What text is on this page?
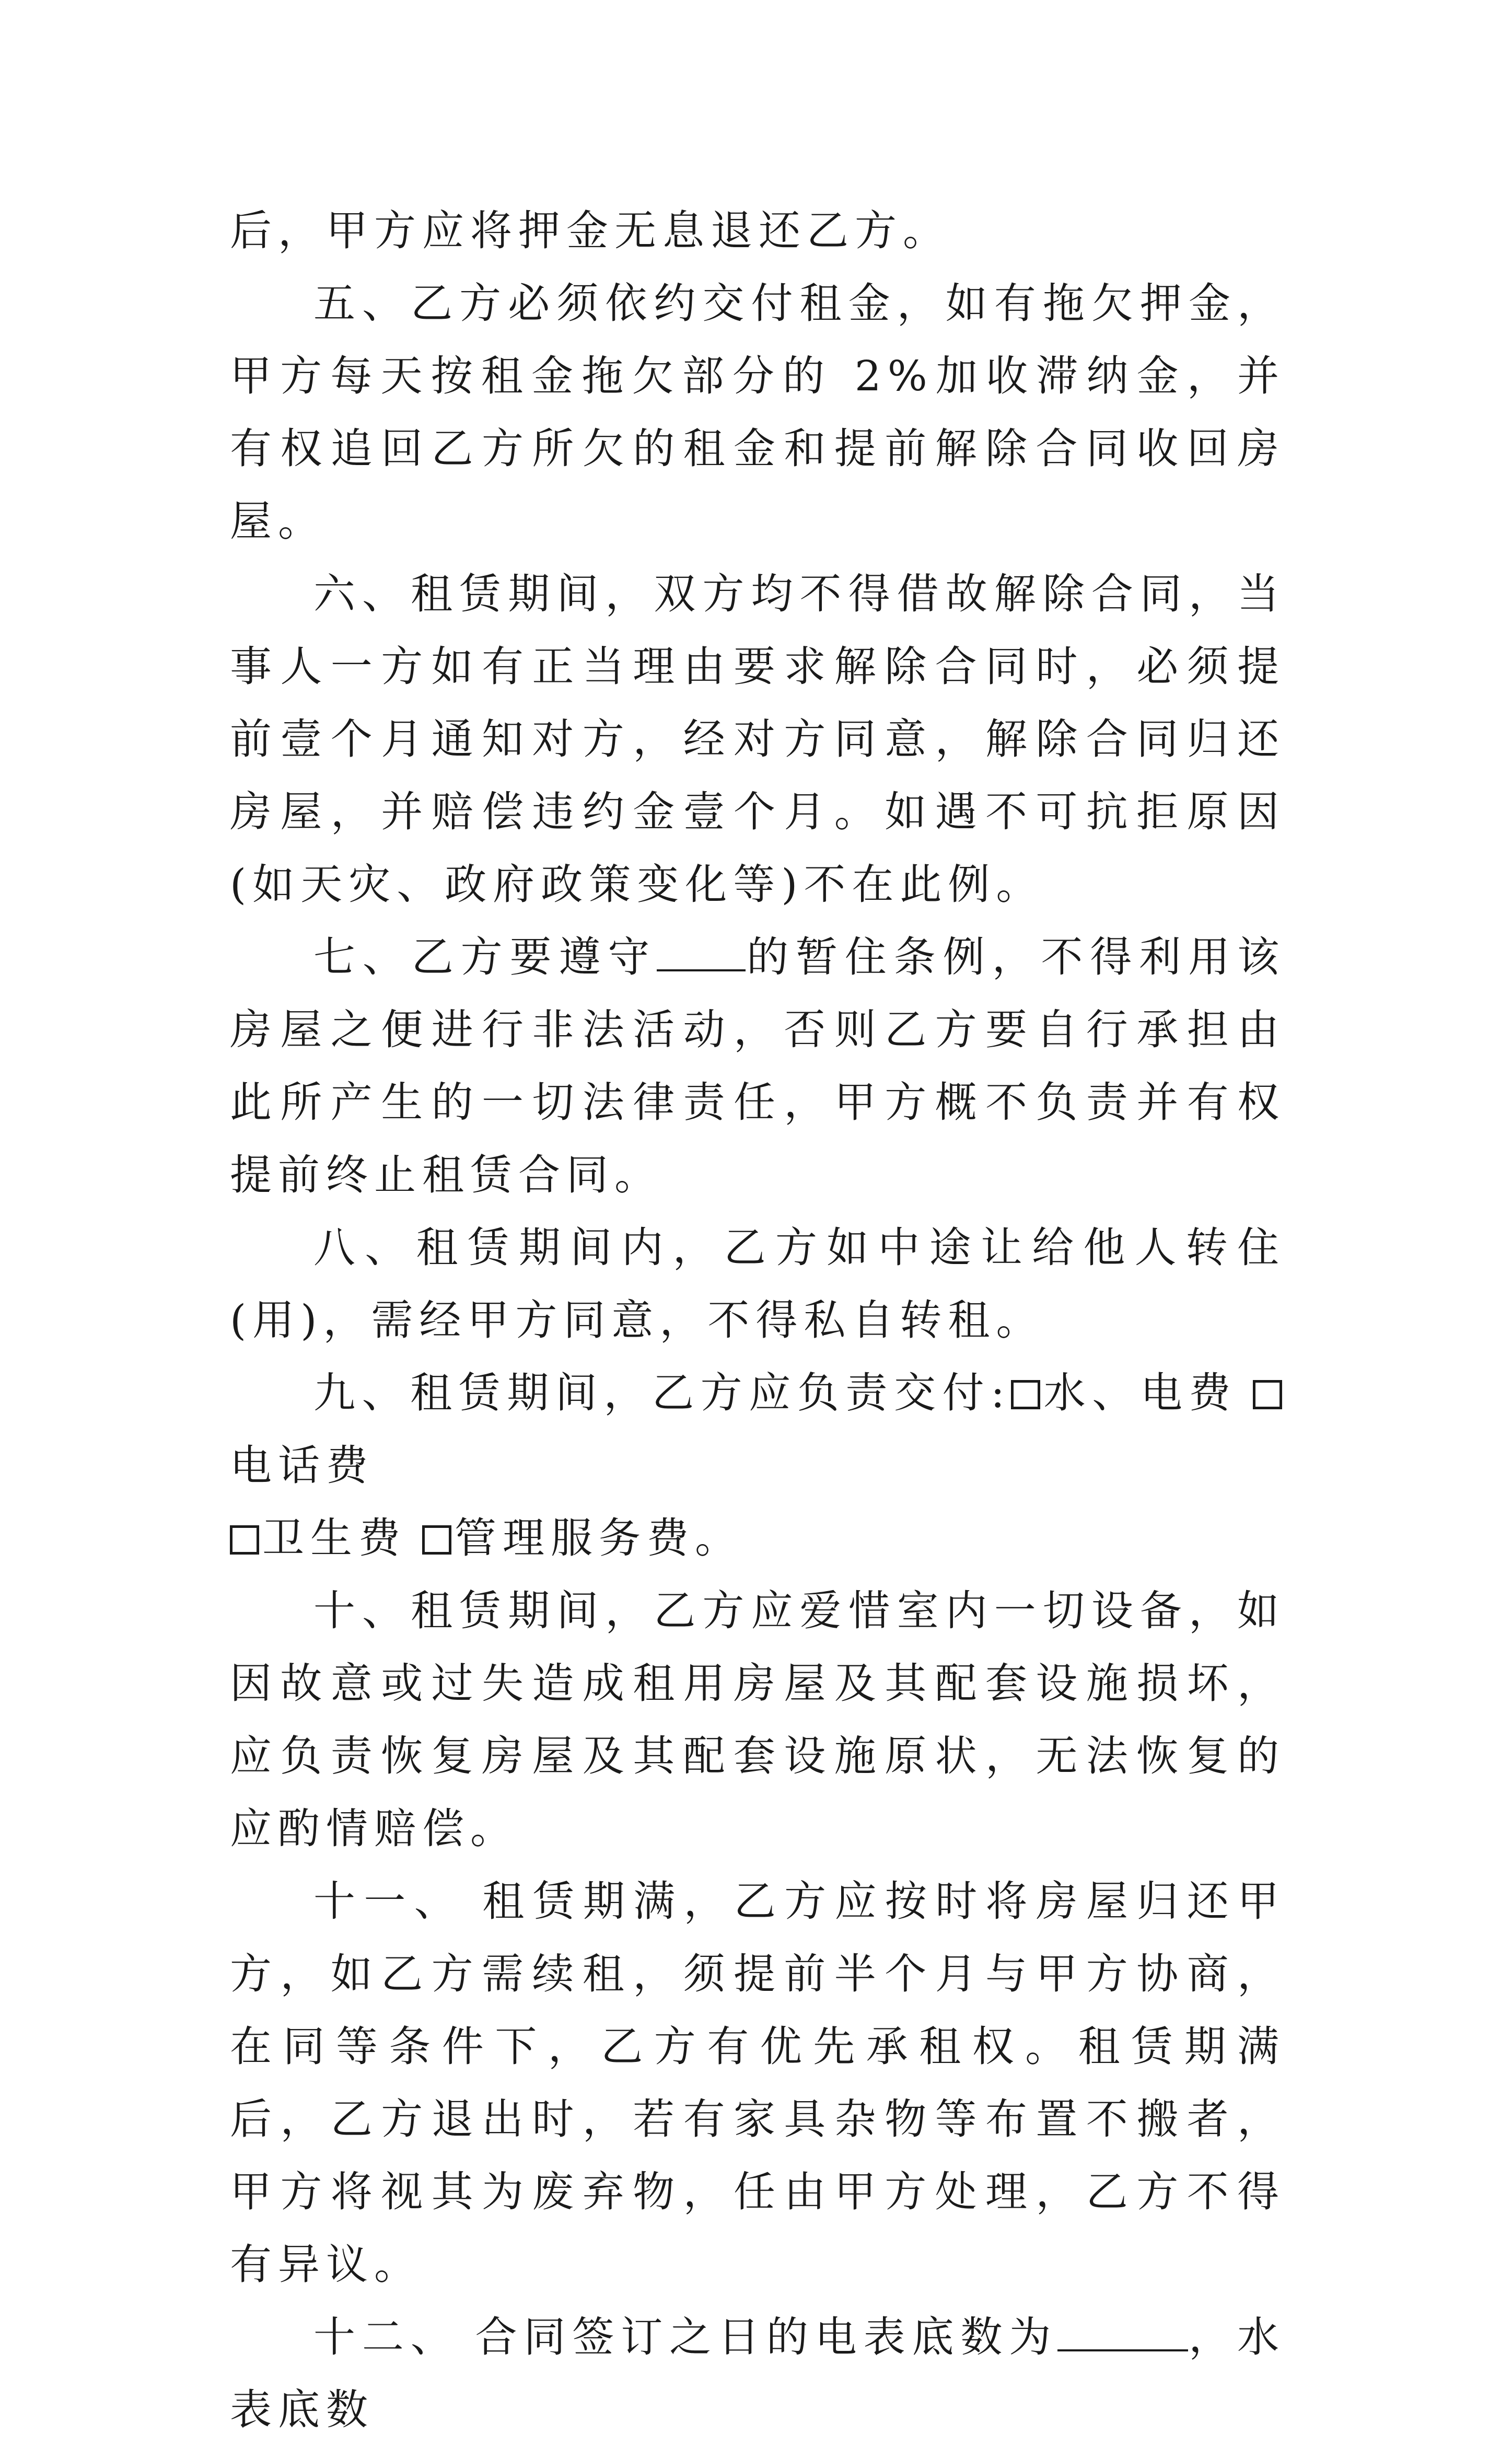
后，甲方应将押金无息退还乙方。

五、乙方必须依约交付租金，如有拖欠押金，甲方每天按租金拖欠部分的 2%加收滞纳金，并有权追回乙方所欠的租金和提前解除合同收回房屋。

六、租赁期间，双方均不得借故解除合同，当事人一方如有正当理由要求解除合同时，必须提前壹个月通知对方，经对方同意，解除合同归还房屋，并赔偿违约金壹个月。如遇不可抗拒原因(如天灾、政府政策变化等)不在此例。

七、乙方要遵守 的暂住条例，不得利用该房屋之便进行非法活动，否则乙方要自行承担由此所产生的一切法律责任，甲方概不负责并有权提前终止租赁合同。

八、租赁期间内，乙方如中途让给他人转住(用)，需经甲方同意，不得私自转租。

九、租赁期间，乙方应负责交付: 水、电费电话费
卫生费 管理服务费。

十、租赁期间，乙方应爱惜室内一切设备，如因故意或过失造成租用房屋及其配套设施损坏，应负责恢复房屋及其配套设施原状，无法恢复的应酌情赔偿。

十一、 租赁期满，乙方应按时将房屋归还甲方，如乙方需续租，须提前半个月与甲方协商，在同等条件下，乙方有优先承租权。租赁期满后，乙方退出时，若有家具杂物等布置不搬者，甲方将视其为废弃物，任由甲方处理，乙方不得有异议。

十二、 合同签订之日的电表底数为	，水表底数
